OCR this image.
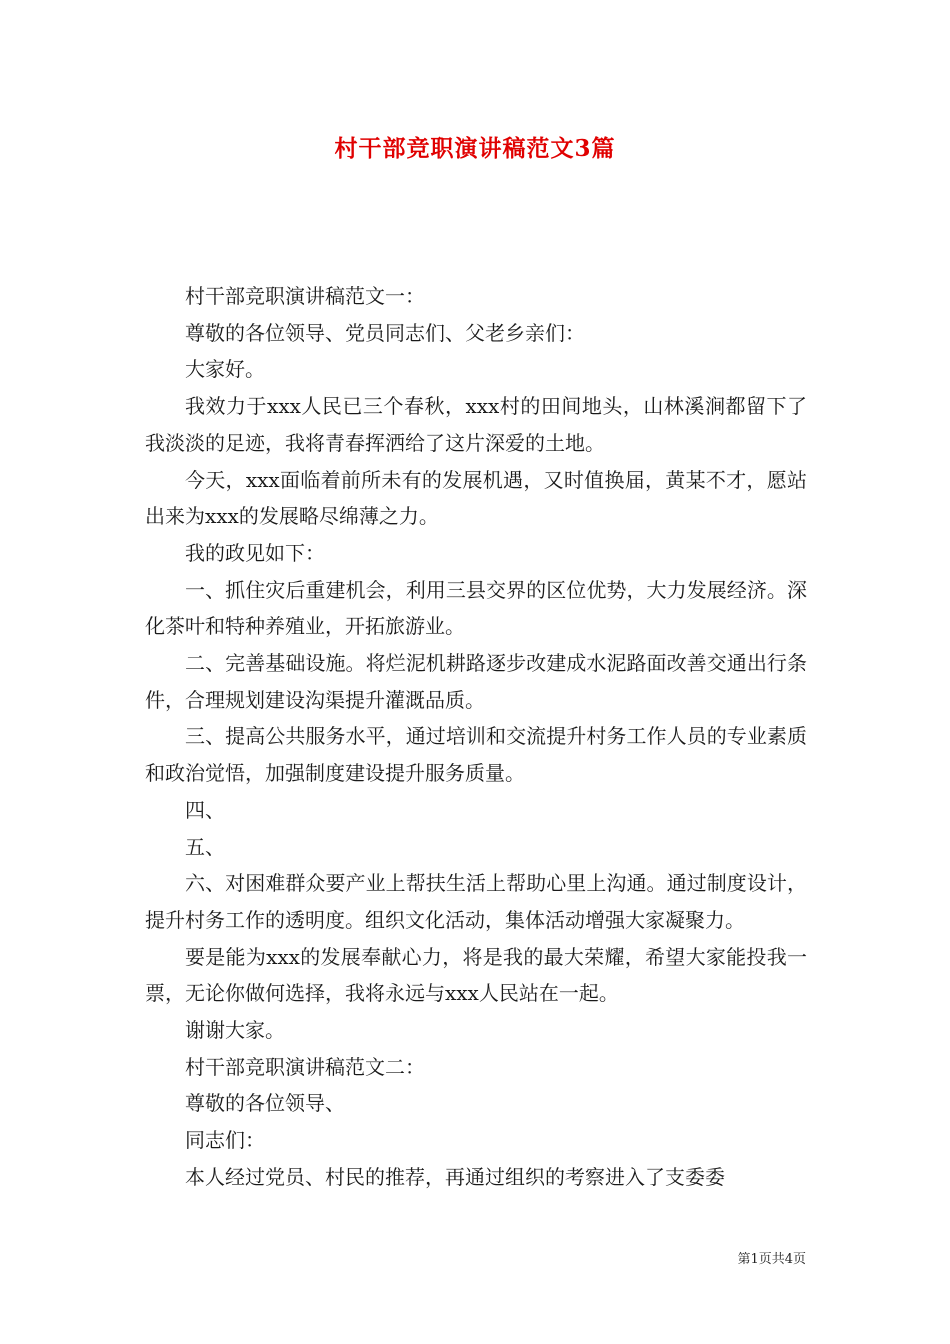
村干部竞职演讲稿范文3篇

村干部竞职演讲稿范文一：

尊敬的各位领导、党员同志们、父老乡亲们：

大家好。

我效力于xxx人民已三个春秋，xxx村的田间地头，山林溪涧都留下了我淡淡的足迹，我将青春挥洒给了这片深爱的土地。

今天，xxx面临着前所未有的发展机遇，又时值换届，黄某不才，愿站出来为xxx的发展略尽绵薄之力。

我的政见如下：

一、抓住灾后重建机会，利用三县交界的区位优势，大力发展经济。深化茶叶和特种养殖业，开拓旅游业。

二、完善基础设施。将烂泥机耕路逐步改建成水泥路面改善交通出行条件，合理规划建设沟渠提升灌溉品质。

三、提高公共服务水平，通过培训和交流提升村务工作人员的专业素质和政治觉悟，加强制度建设提升服务质量。

四、

五、

六、对困难群众要产业上帮扶生活上帮助心里上沟通。通过制度设计，提升村务工作的透明度。组织文化活动，集体活动增强大家凝聚力。

要是能为xxx的发展奉献心力，将是我的最大荣耀，希望大家能投我一票，无论你做何选择，我将永远与xxx人民站在一起。

谢谢大家。

村干部竞职演讲稿范文二：

尊敬的各位领导、

同志们：

本人经过党员、村民的推荐，再通过组织的考察进入了支委委

第1页共4页
